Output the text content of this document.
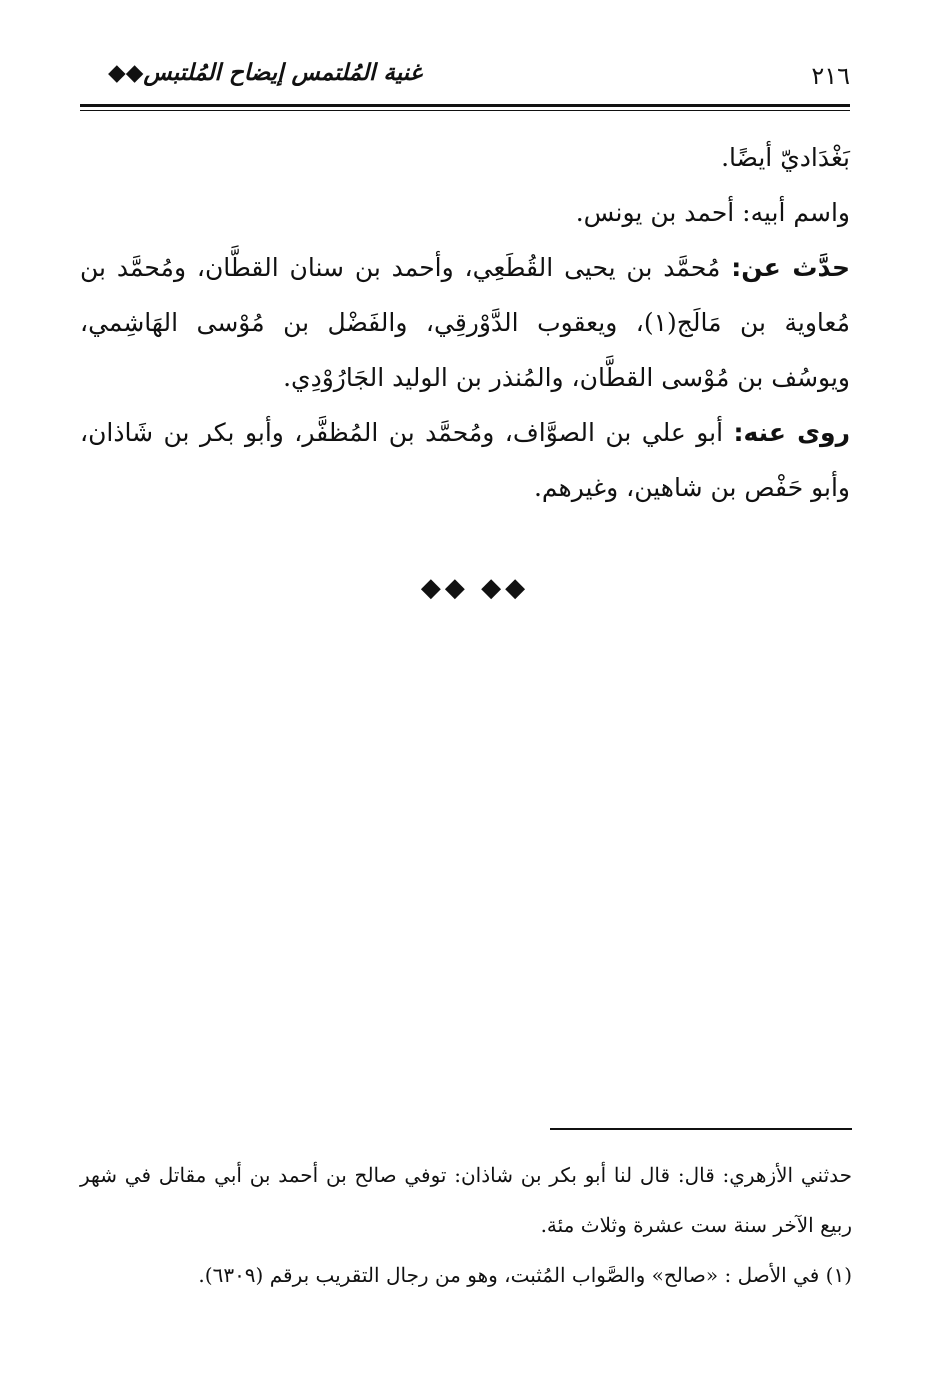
٢١٦
غنية المُلتمس إيضاح المُلتبس◆◆

بَغْدَاديّ أيضًا.

واسم أبيه: أحمد بن يونس.

حدَّث عن: مُحمَّد بن يحيى القُطَعِي، وأحمد بن سنان القطَّان، ومُحمَّد بن مُعاوية بن مَالَج(١)، ويعقوب الدَّوْرقِي، والفَضْل بن مُوْسى الهَاشِمي، ويوسُف بن مُوْسى القطَّان، والمُنذر بن الوليد الجَارُوْدِي.

روى عنه: أبو علي بن الصوَّاف، ومُحمَّد بن المُظفَّر، وأبو بكر بن شَاذان، وأبو حَفْص بن شاهين، وغيرهم.

◆◆ ◆◆

حدثني الأزهري: قال: قال لنا أبو بكر بن شاذان: توفي صالح بن أحمد بن أبي مقاتل في شهر ربيع الآخر سنة ست عشرة وثلاث مئة.

(١) في الأصل : «صالح» والصَّواب المُثبت، وهو من رجال التقريب برقم (٦٣٠٩).
